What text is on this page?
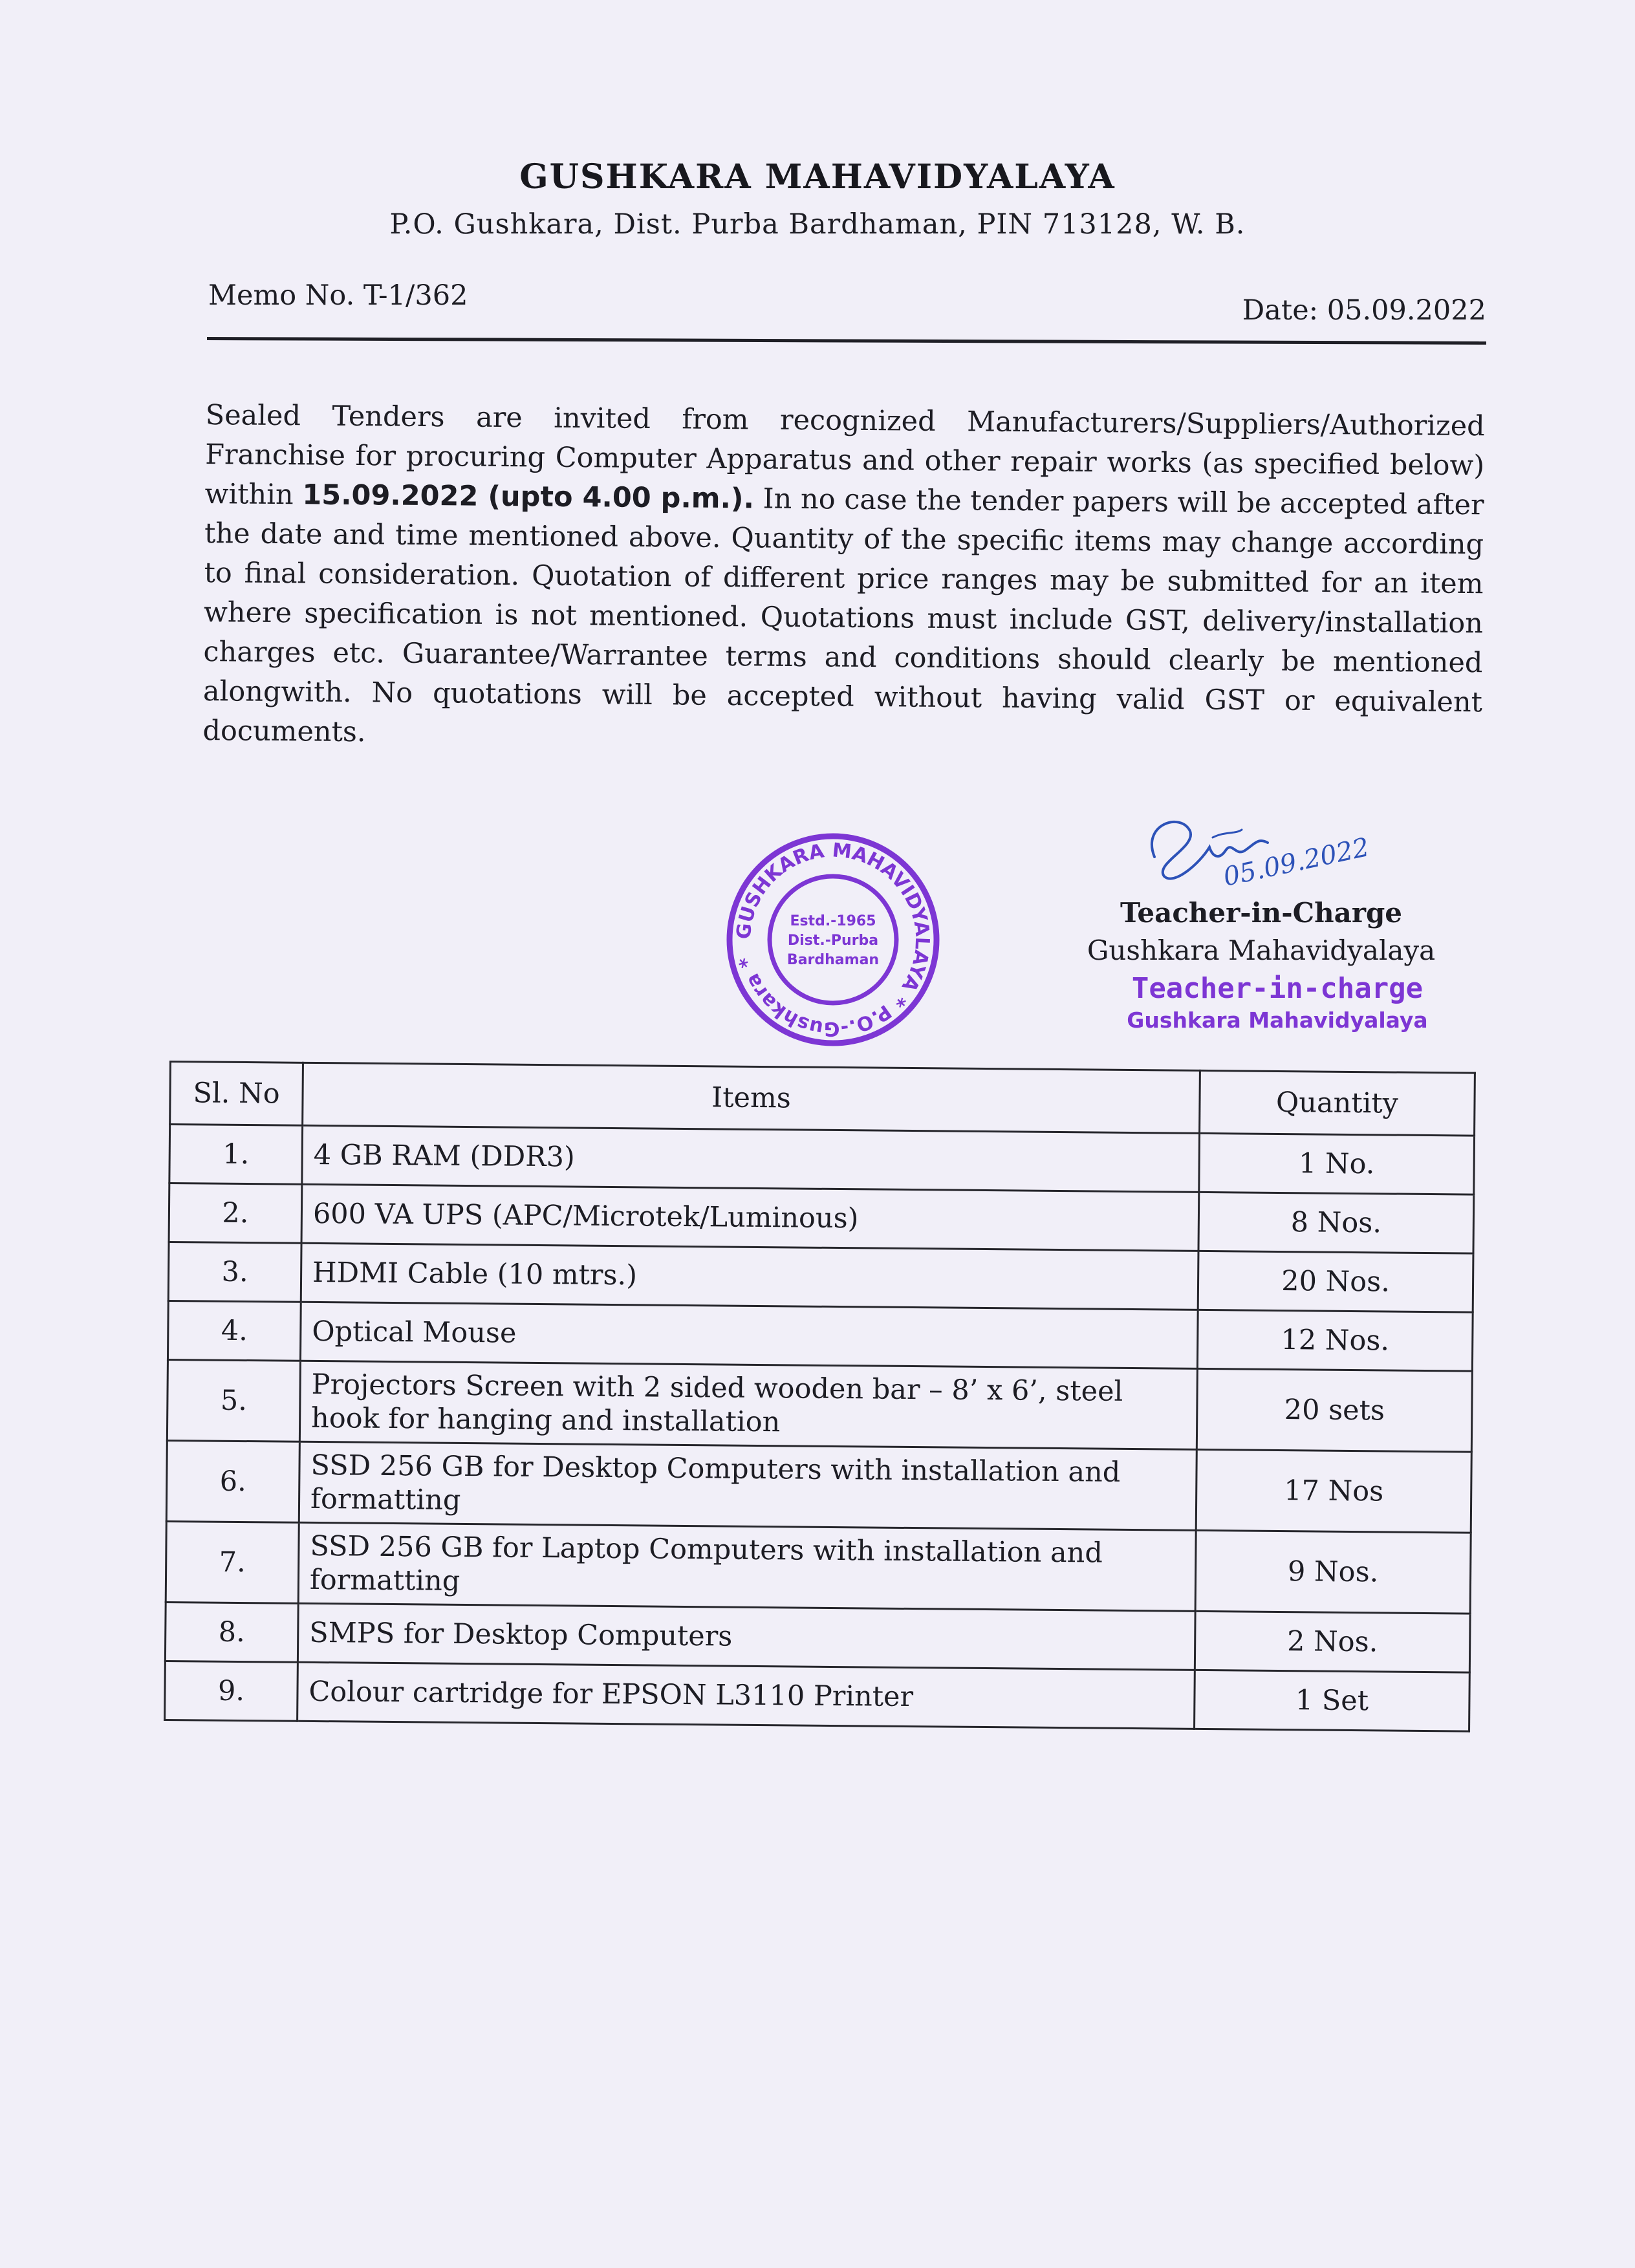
GUSHKARA MAHAVIDYALAYA
P.O. Gushkara, Dist. Purba Bardhaman, PIN 713128, W. B.
Memo No. T-1/362	Date: 05.09.2022
Sealed Tenders are invited from recognized Manufacturers/Suppliers/Authorized Franchise for procuring Computer Apparatus and other repair works (as specified below) within 15.09.2022 (upto 4.00 p.m.). In no case the tender papers will be accepted after the date and time mentioned above. Quantity of the specific items may change according to final consideration. Quotation of different price ranges may be submitted for an item where specification is not mentioned. Quotations must include GST, delivery/installation charges etc. Guarantee/Warrantee terms and conditions should clearly be mentioned alongwith. No quotations will be accepted without having valid GST or equivalent documents.
GUSHKARA MAHAVIDYALAYA * P.O.-Gushkara *
Estd.-1965
Dist.-Purba
Bardhaman
05.09.2022
Teacher-in-Charge
Gushkara Mahavidyalaya
Teacher-in-charge
Gushkara Mahavidyalaya
Sl. No	Items	Quantity
1.	4 GB RAM (DDR3)	1 No.
2.	600 VA UPS (APC/Microtek/Luminous)	8 Nos.
3.	HDMI Cable (10 mtrs.)	20 Nos.
4.	Optical Mouse	12 Nos.
5.	Projectors Screen with 2 sided wooden bar – 8’ x 6’, steel hook for hanging and installation	20 sets
6.	SSD 256 GB for Desktop Computers with installation and formatting	17 Nos
7.	SSD 256 GB for Laptop Computers with installation and formatting	9 Nos.
8.	SMPS for Desktop Computers	2 Nos.
9.	Colour cartridge for EPSON L3110 Printer	1 Set
